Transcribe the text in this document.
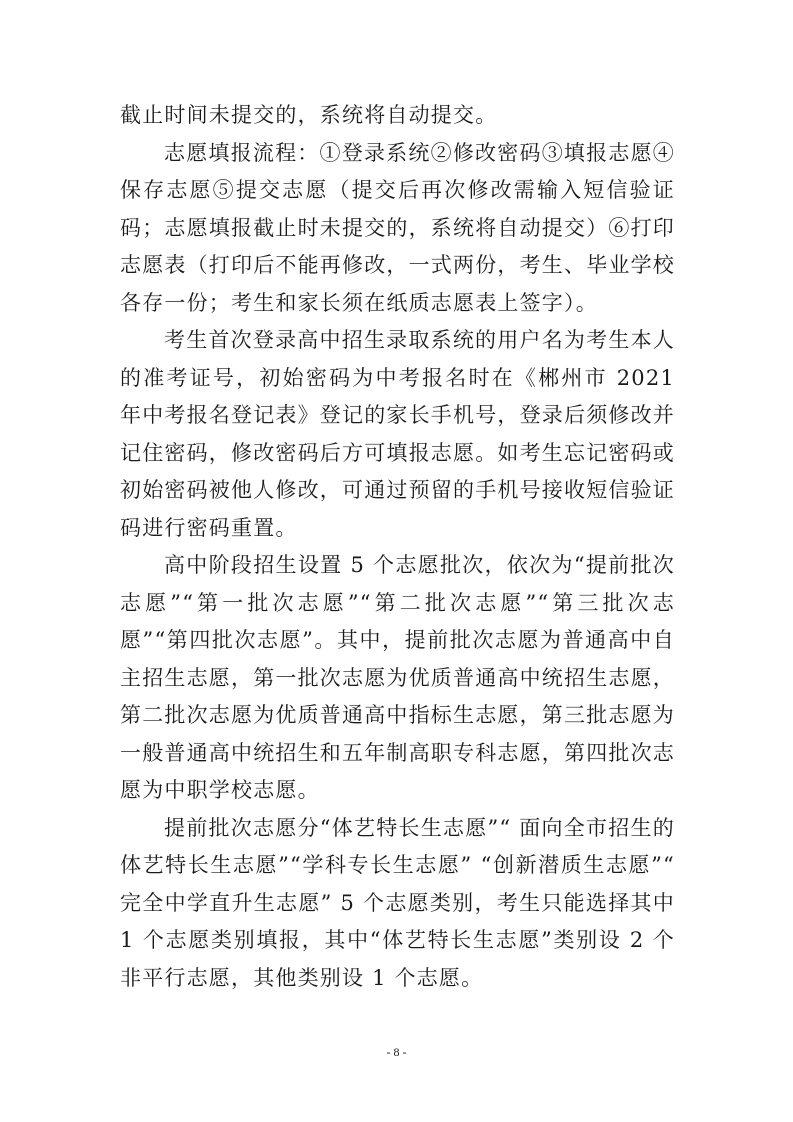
截止时间未提交的，系统将自动提交。

志愿填报流程：①登录系统②修改密码③填报志愿④保存志愿⑤提交志愿（提交后再次修改需输入短信验证码；志愿填报截止时未提交的，系统将自动提交）⑥打印志愿表（打印后不能再修改，一式两份，考生、毕业学校各存一份；考生和家长须在纸质志愿表上签字）。

考生首次登录高中招生录取系统的用户名为考生本人的准考证号，初始密码为中考报名时在《郴州市 2021 年中考报名登记表》登记的家长手机号，登录后须修改并记住密码，修改密码后方可填报志愿。如考生忘记密码或初始密码被他人修改，可通过预留的手机号接收短信验证码进行密码重置。

高中阶段招生设置 5 个志愿批次，依次为“提前批次志愿”“第一批次志愿”“第二批次志愿”“第三批次志愿”“第四批次志愿”。其中，提前批次志愿为普通高中自主招生志愿，第一批次志愿为优质普通高中统招生志愿，第二批次志愿为优质普通高中指标生志愿，第三批志愿为一般普通高中统招生和五年制高职专科志愿，第四批次志愿为中职学校志愿。

提前批次志愿分“体艺特长生志愿”“ 面向全市招生的体艺特长生志愿”“学科专长生志愿” “创新潜质生志愿”“ 完全中学直升生志愿” 5 个志愿类别，考生只能选择其中 1 个志愿类别填报，其中“体艺特长生志愿”类别设 2 个非平行志愿，其他类别设 1 个志愿。

- 8 -
